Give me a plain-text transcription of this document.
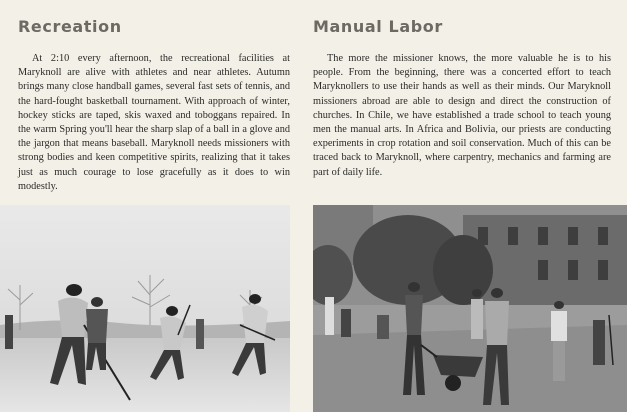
Recreation

At 2:10 every afternoon, the recreational facilities at Maryknoll are alive with athletes and near athletes. Autumn brings many close handball games, several fast sets of tennis, and the hard-fought basketball tournament. With approach of winter, hockey sticks are taped, skis waxed and toboggans repaired. In the warm Spring you'll hear the sharp slap of a ball in a glove and the jargon that means baseball. Maryknoll needs missioners with strong bodies and keen competitive spirits, realizing that it takes just as much courage to lose gracefully as it does to win modestly.

Manual Labor

The more the missioner knows, the more valuable he is to his people. From the beginning, there was a concerted effort to teach Maryknollers to use their hands as well as their minds. Our Maryknoll missioners abroad are able to design and direct the construction of churches. In Chile, we have established a trade school to teach young men the manual arts. In Africa and Bolivia, our priests are conducting experiments in crop rotation and soil conservation. Much of this can be traced back to Maryknoll, where carpentry, mechanics and farming are part of daily life.
